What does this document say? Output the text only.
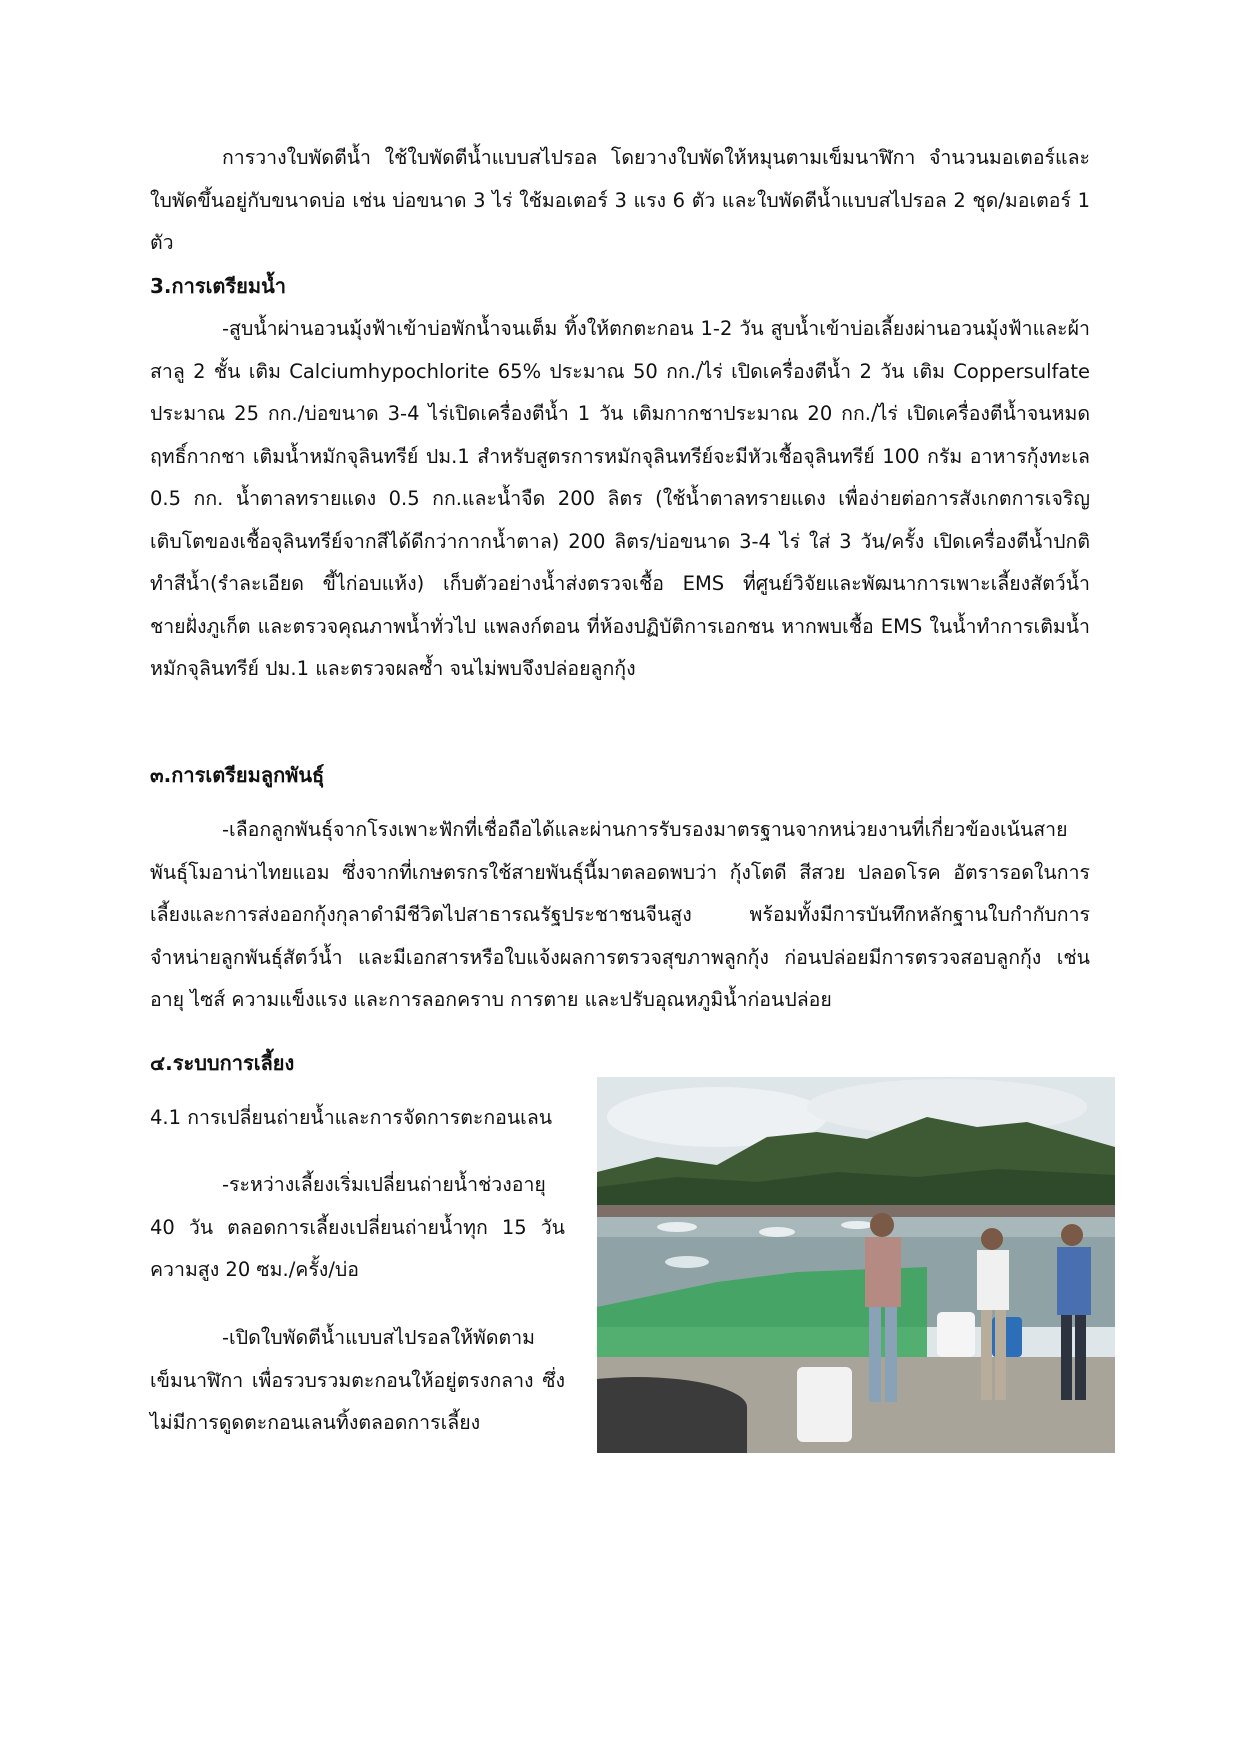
การวางใบพัดตีน้ำ ใช้ใบพัดตีน้ำแบบสไปรอล โดยวางใบพัดให้หมุนตามเข็มนาฬิกา จำนวนมอเตอร์และใบพัดขึ้นอยู่กับขนาดบ่อ เช่น บ่อขนาด 3 ไร่ ใช้มอเตอร์ 3 แรง 6 ตัว และใบพัดตีน้ำแบบสไปรอล 2 ชุด/มอเตอร์ 1 ตัว

3.การเตรียมน้ำ

-สูบน้ำผ่านอวนมุ้งฟ้าเข้าบ่อพักน้ำจนเต็ม ทิ้งให้ตกตะกอน 1-2 วัน สูบน้ำเข้าบ่อเลี้ยงผ่านอวนมุ้งฟ้าและผ้าสาลู 2 ชั้น เติม Calciumhypochlorite 65% ประมาณ 50 กก./ไร่ เปิดเครื่องตีน้ำ 2 วัน เติม Coppersulfate ประมาณ 25 กก./บ่อขนาด 3-4 ไร่เปิดเครื่องตีน้ำ 1 วัน เติมกากชาประมาณ 20 กก./ไร่ เปิดเครื่องตีน้ำจนหมดฤทธิ์กากชา เติมน้ำหมักจุลินทรีย์ ปม.1 สำหรับสูตรการหมักจุลินทรีย์จะมีหัวเชื้อจุลินทรีย์ 100 กรัม อาหารกุ้งทะเล 0.5 กก. น้ำตาลทรายแดง 0.5 กก.และน้ำจืด 200 ลิตร (ใช้น้ำตาลทรายแดง เพื่อง่ายต่อการสังเกตการเจริญเติบโตของเชื้อจุลินทรีย์จากสีได้ดีกว่ากากน้ำตาล) 200 ลิตร/บ่อขนาด 3-4 ไร่ ใส่ 3 วัน/ครั้ง เปิดเครื่องตีน้ำปกติ ทำสีน้ำ(รำละเอียด ขี้ไก่อบแห้ง) เก็บตัวอย่างน้ำส่งตรวจเชื้อ EMS ที่ศูนย์วิจัยและพัฒนาการเพาะเลี้ยงสัตว์น้ำชายฝั่งภูเก็ต และตรวจคุณภาพน้ำทั่วไป แพลงก์ตอน ที่ห้องปฏิบัติการเอกชน หากพบเชื้อ EMS ในน้ำทำการเติมน้ำหมักจุลินทรีย์ ปม.1 และตรวจผลซ้ำ จนไม่พบจึงปล่อยลูกกุ้ง

๓.การเตรียมลูกพันธุ์

-เลือกลูกพันธุ์จากโรงเพาะฟักที่เชื่อถือได้และผ่านการรับรองมาตรฐานจากหน่วยงานที่เกี่ยวข้องเน้นสายพันธุ์โมอาน่าไทยแอม ซึ่งจากที่เกษตรกรใช้สายพันธุ์นี้มาตลอดพบว่า กุ้งโตดี สีสวย ปลอดโรค อัตรารอดในการเลี้ยงและการส่งออกกุ้งกุลาดำมีชีวิตไปสาธารณรัฐประชาชนจีนสูง พร้อมทั้งมีการบันทึกหลักฐานใบกำกับการจำหน่ายลูกพันธุ์สัตว์น้ำ และมีเอกสารหรือใบแจ้งผลการตรวจสุขภาพลูกกุ้ง ก่อนปล่อยมีการตรวจสอบลูกกุ้ง เช่น อายุ ไซส์ ความแข็งแรง และการลอกคราบ การตาย และปรับอุณหภูมิน้ำก่อนปล่อย

๔.ระบบการเลี้ยง

4.1 การเปลี่ยนถ่ายน้ำและการจัดการตะกอนเลน

-ระหว่างเลี้ยงเริ่มเปลี่ยนถ่ายน้ำช่วงอายุ 40 วัน ตลอดการเลี้ยงเปลี่ยนถ่ายน้ำทุก 15 วัน ความสูง 20 ซม./ครั้ง/บ่อ

-เปิดใบพัดตีน้ำแบบสไปรอลให้พัดตามเข็มนาฬิกา เพื่อรวบรวมตะกอนให้อยู่ตรงกลาง ซึ่งไม่มีการดูดตะกอนเลนทิ้งตลอดการเลี้ยง
